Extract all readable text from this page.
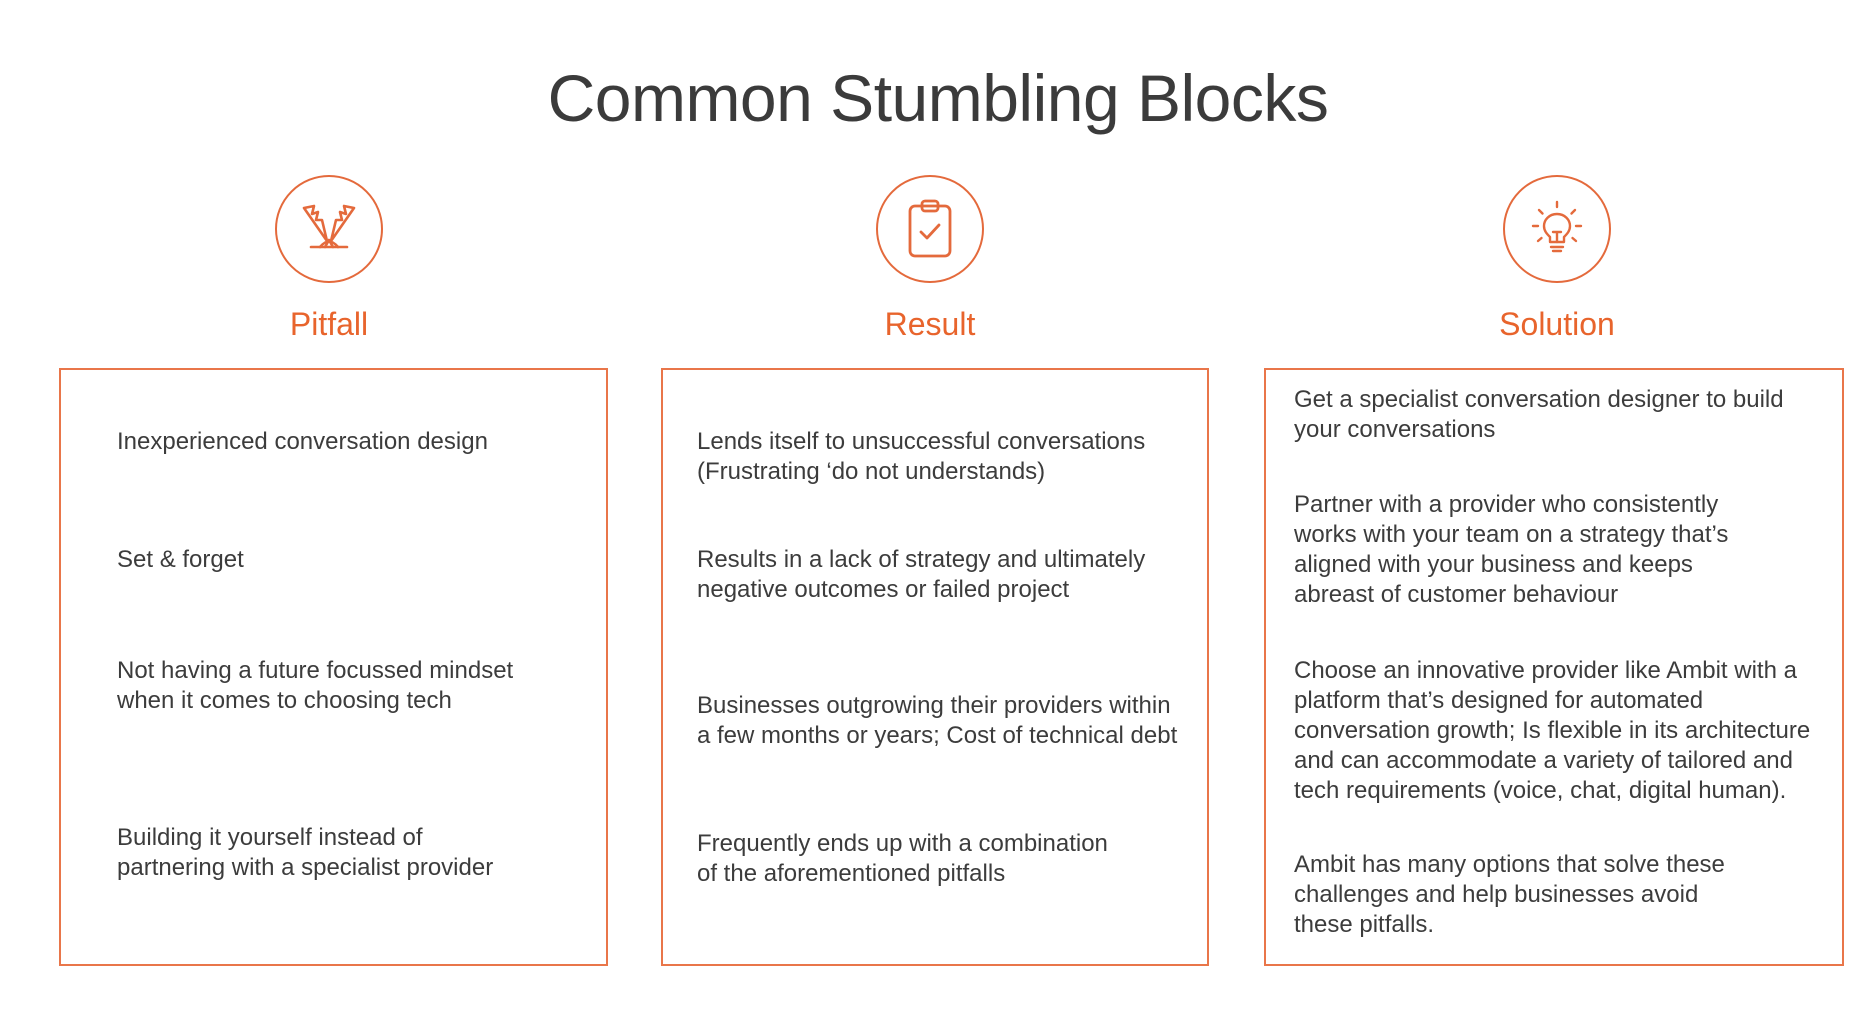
Common Stumbling Blocks
Pitfall
Inexperienced conversation design
Set & forget
Not having a future focussed mindset
when it comes to choosing tech
Building it yourself instead of
partnering with a specialist provider
Result
Lends itself to unsuccessful conversations
(Frustrating ‘do not understands)
Results in a lack of strategy and ultimately
negative outcomes or failed project
Businesses outgrowing their providers within
a few months or years; Cost of technical debt
Frequently ends up with a combination
of the aforementioned pitfalls
Solution
Get a specialist conversation designer to build
your conversations
Partner with a provider who consistently
works with your team on a strategy that’s
aligned with your business and keeps
abreast of customer behaviour
Choose an innovative provider like Ambit with a
platform that’s designed for automated
conversation growth; Is flexible in its architecture
and can accommodate a variety of tailored and
tech requirements (voice, chat, digital human).
Ambit has many options that solve these
challenges and help businesses avoid
these pitfalls.
